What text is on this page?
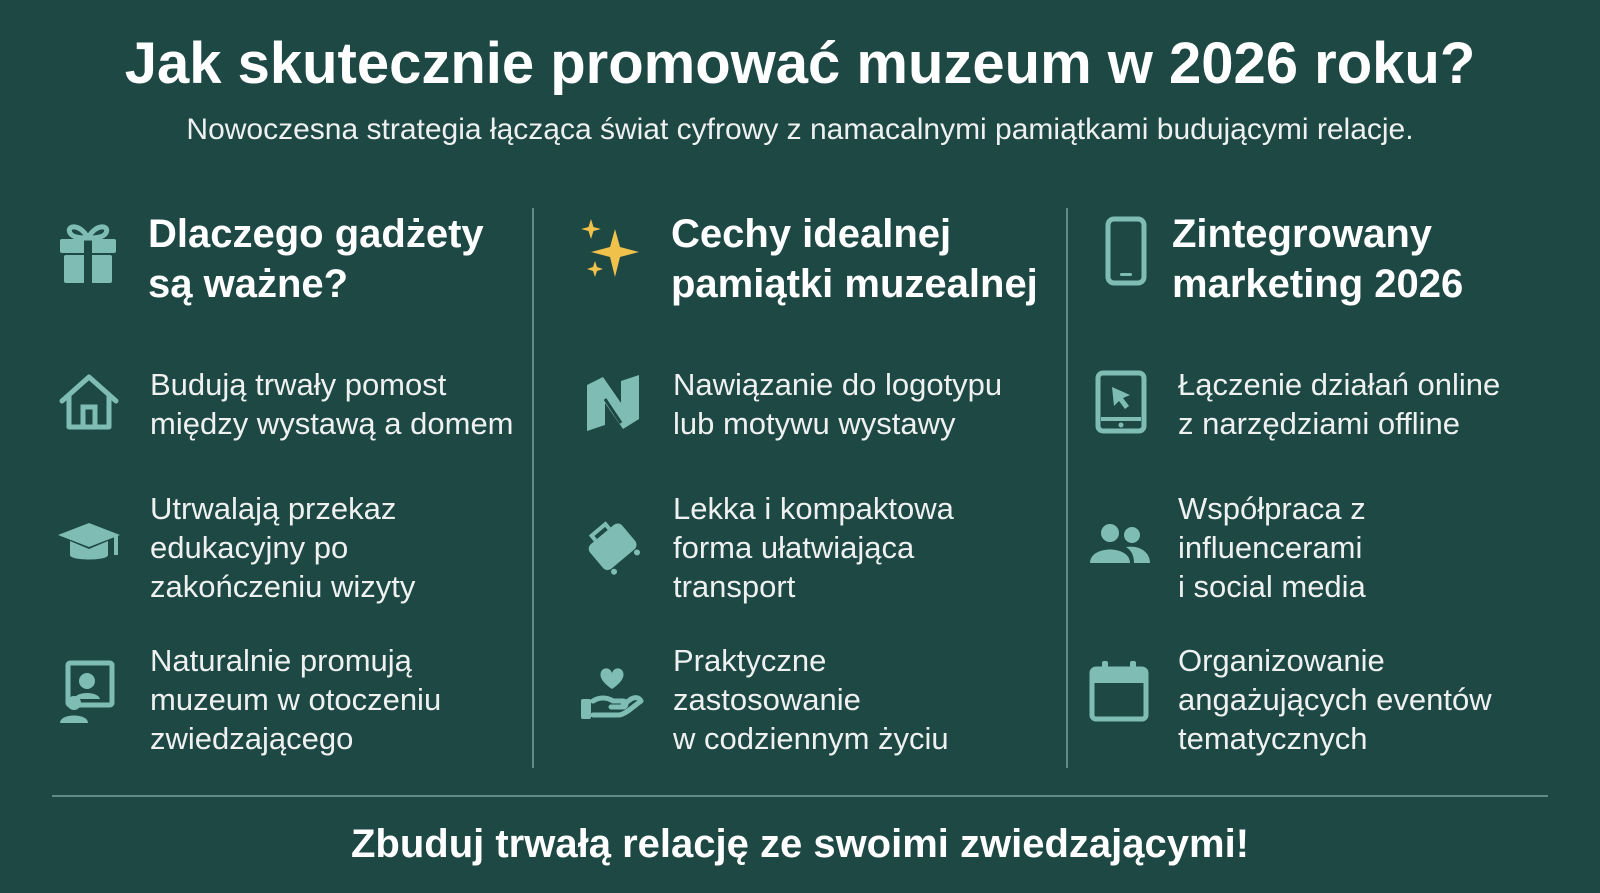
Jak skutecznie promować muzeum w 2026 roku?
Nowoczesna strategia łącząca świat cyfrowy z namacalnymi pamiątkami budującymi relacje.
Dlaczego gadżety
są ważne?
Budują trwały pomost
między wystawą a domem
Utrwalają przekaz
edukacyjny po
zakończeniu wizyty
Naturalnie promują
muzeum w otoczeniu
zwiedzającego
Cechy idealnej
pamiątki muzealnej
Nawiązanie do logotypu
lub motywu wystawy
Lekka i kompaktowa
forma ułatwiająca
transport
Praktyczne
zastosowanie
w codziennym życiu
Zintegrowany
marketing 2026
Łączenie działań online
z narzędziami offline
Współpraca z
influencerami
i social media
Organizowanie
angażujących eventów
tematycznych
Zbuduj trwałą relację ze swoimi zwiedzającymi!
